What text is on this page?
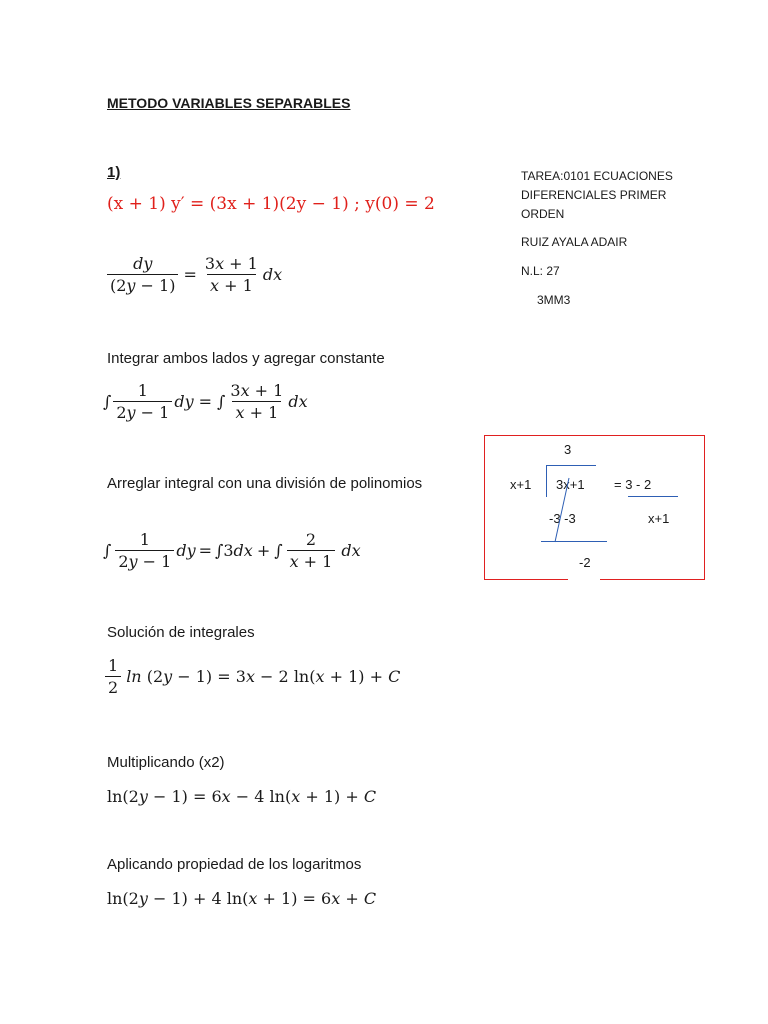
METODO VARIABLES SEPARABLES
1)
(x + 1) y′ = (3x + 1)(2y − 1) ; y(0) = 2
TAREA:0101 ECUACIONES
DIFERENCIALES PRIMER
ORDEN
RUIZ AYALA ADAIR
N.L: 27
3MM3
$\frac{dy}{(2y - 1)} = \frac{3x + 1}{x + 1}$ dx
Integrar ambos lados y agregar constante
∫ $\frac{1}{2y - 1}$ dy = ∫ $\frac{3x + 1}{x + 1}$ dx
Arreglar integral con una división de polinomios
3
x+1 3x+1 = 3 - 2
x+1
-3 -3
-2
∫ $\frac{1}{2y - 1}$ dy = ∫3dx + ∫ $\frac{2}{x + 1}$ dx
Solución de integrales
$\frac{1}{2}$ ln (2y − 1) = 3x − 2 ln(x + 1) + C
Multiplicando (x2)
ln(2y − 1) = 6x − 4 ln(x + 1) + C
Aplicando propiedad de los logaritmos
ln(2y − 1) + 4 ln(x + 1) = 6x + C
